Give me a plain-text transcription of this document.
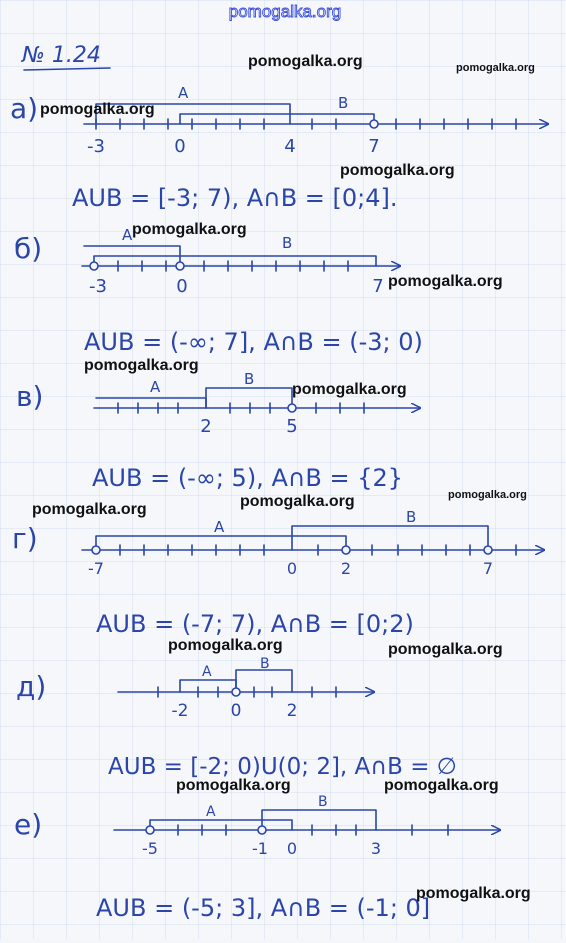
pomogalka.org
№ 1.24
а)	A
B
-3	0	4	7
AUB = [-3; 7), A∩B = [0;4].
б)	A	B
-3	0	7
AUB = (-∞; 7], A∩B = (-3; 0)
в)	A	B
2	5
AUB = (-∞; 5), A∩B = {2}
г)	A
B
-7	0	2	7
AUB = (-7; 7), A∩B = [0;2)
д)	A	B
-2 0	2
AUB = [-2; 0)U(0; 2], A∩B = ∅
е)	A
B
-5	-1 0	3
AUB = (-5; 3], A∩B = (-1; 0]
pomogalka.org	pomogalka.org
pomogalka.org
pomogalka.org
pomogalka.org
pomogalka.org
pomogalka.org
pomogalka.org
pomogalka.org
pomogalka.org
pomogalka.org
pomogalka.org	pomogalka.org
pomogalka.org	pomogalka.org
pomogalka.org
